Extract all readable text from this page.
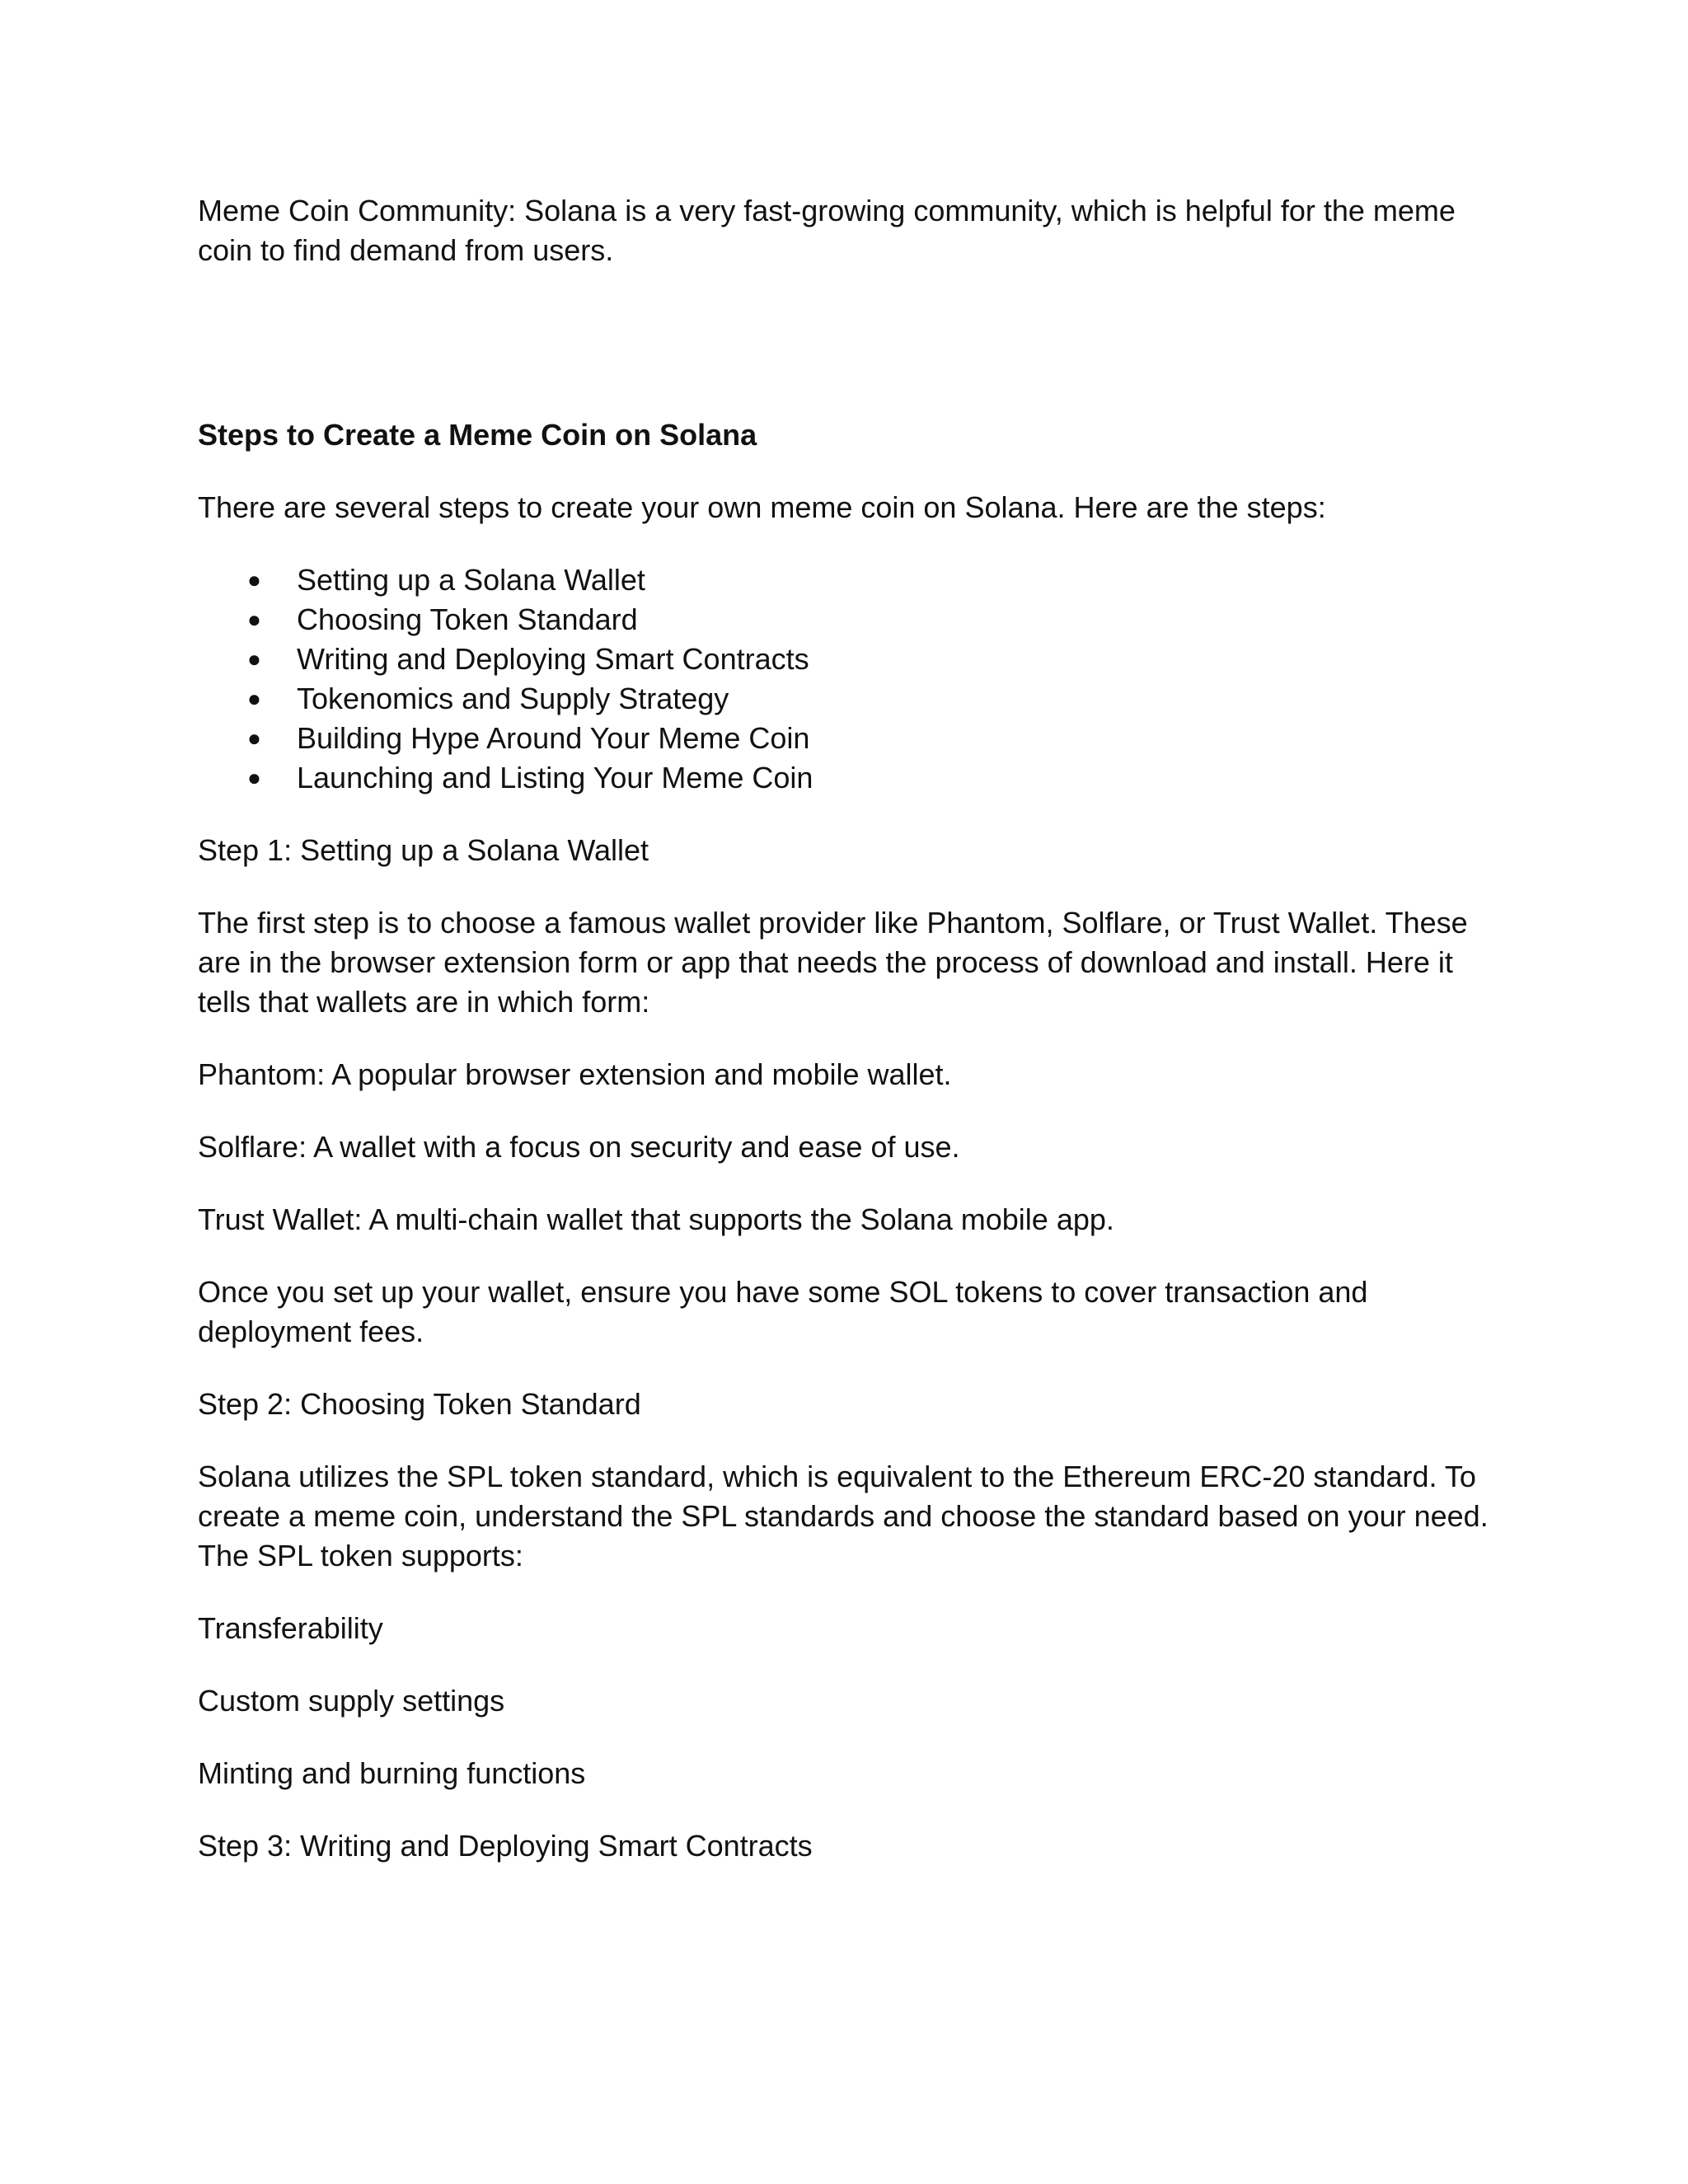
Meme Coin Community: Solana is a very fast-growing community, which is helpful for the meme coin to find demand from users.

Steps to Create a Meme Coin on Solana

There are several steps to create your own meme coin on Solana. Here are the steps:

● Setting up a Solana Wallet
● Choosing Token Standard
● Writing and Deploying Smart Contracts
● Tokenomics and Supply Strategy
● Building Hype Around Your Meme Coin
● Launching and Listing Your Meme Coin

Step 1: Setting up a Solana Wallet

The first step is to choose a famous wallet provider like Phantom, Solflare, or Trust Wallet. These are in the browser extension form or app that needs the process of download and install. Here it tells that wallets are in which form:

Phantom: A popular browser extension and mobile wallet.

Solflare: A wallet with a focus on security and ease of use.

Trust Wallet: A multi-chain wallet that supports the Solana mobile app.

Once you set up your wallet, ensure you have some SOL tokens to cover transaction and deployment fees.

Step 2: Choosing Token Standard

Solana utilizes the SPL token standard, which is equivalent to the Ethereum ERC-20 standard. To create a meme coin, understand the SPL standards and choose the standard based on your need. The SPL token supports:

Transferability

Custom supply settings

Minting and burning functions

Step 3: Writing and Deploying Smart Contracts
